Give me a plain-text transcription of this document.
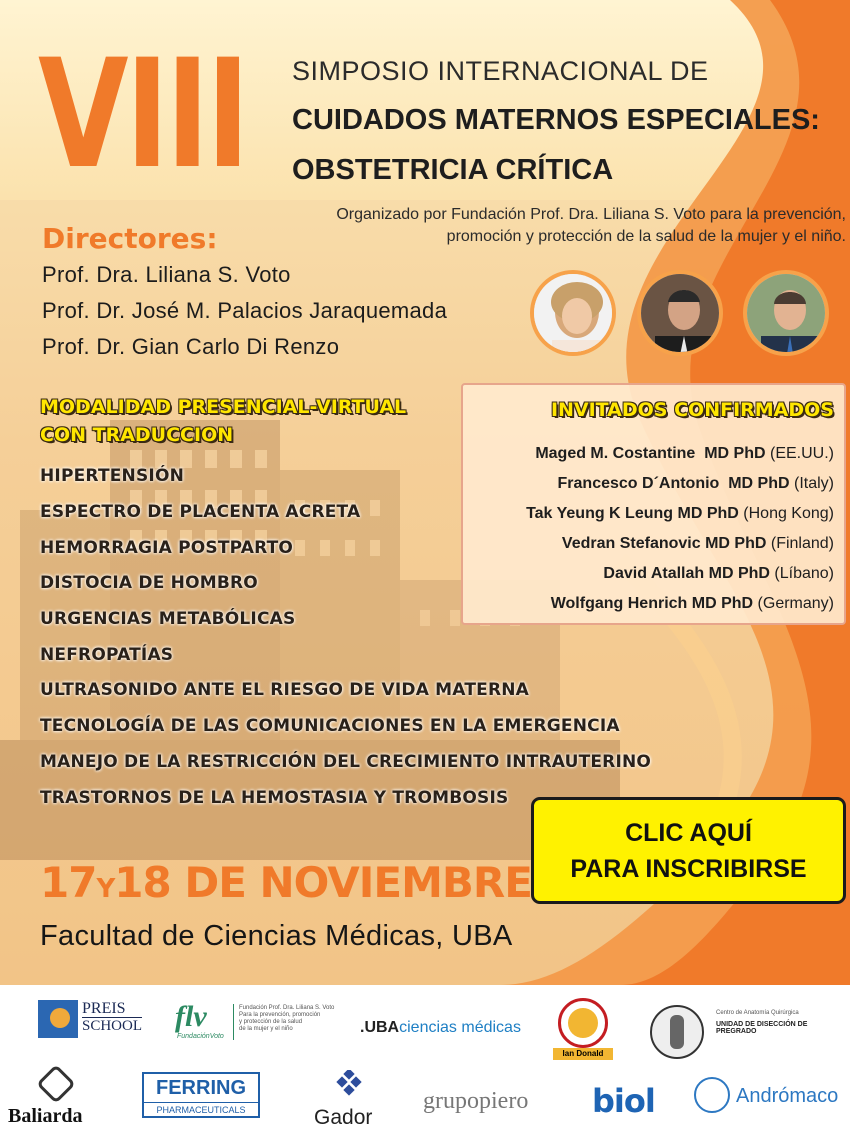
VIII SIMPOSIO INTERNACIONAL DE
CUIDADOS MATERNOS ESPECIALES:
OBSTETRICIA CRÍTICA
Organizado por Fundación Prof. Dra. Liliana S. Voto para la prevención,
promoción y protección de la salud de la mujer y el niño.
Directores:
Prof. Dra. Liliana S. Voto
Prof. Dr. José M. Palacios Jaraquemada
Prof. Dr. Gian Carlo Di Renzo
MODALIDAD PRESENCIAL-VIRTUAL
CON TRADUCCION
HIPERTENSIÓN
ESPECTRO DE PLACENTA ACRETA
HEMORRAGIA POSTPARTO
DISTOCIA DE HOMBRO
URGENCIAS METABÓLICAS
NEFROPATÍAS
ULTRASONIDO ANTE EL RIESGO DE VIDA MATERNA
TECNOLOGÍA DE LAS COMUNICACIONES EN LA EMERGENCIA
MANEJO DE LA RESTRICCIÓN DEL CRECIMIENTO INTRAUTERINO
TRASTORNOS DE LA HEMOSTASIA Y TROMBOSIS
INVITADOS CONFIRMADOS
Maged M. Costantine  MD PhD (EE.UU.)
Francesco D´Antonio  MD PhD (Italy)
Tak Yeung K Leung MD PhD (Hong Kong)
Vedran Stefanovic MD PhD (Finland)
David Atallah MD PhD (Líbano)
Wolfgang Henrich MD PhD (Germany)
CLIC AQUÍ
PARA INSCRIBIRSE
17Y18 DE NOVIEMBRE
Facultad de Ciencias Médicas, UBA
PREIS
SCHOOL flv
FundaciónVoto
Fundación Prof. Dra. Liliana S. Voto
Para la prevención, promoción
y protección de la salud
de la mujer y el niño	.UBAciencias médicas
Ian Donald
Centro de Anatomía Quirúrgica
UNIDAD DE DISECCIÓN DE PREGRADO
Baliarda
FERRING
PHARMACEUTICALS	Gador
grupopiero biol	Andrómaco
